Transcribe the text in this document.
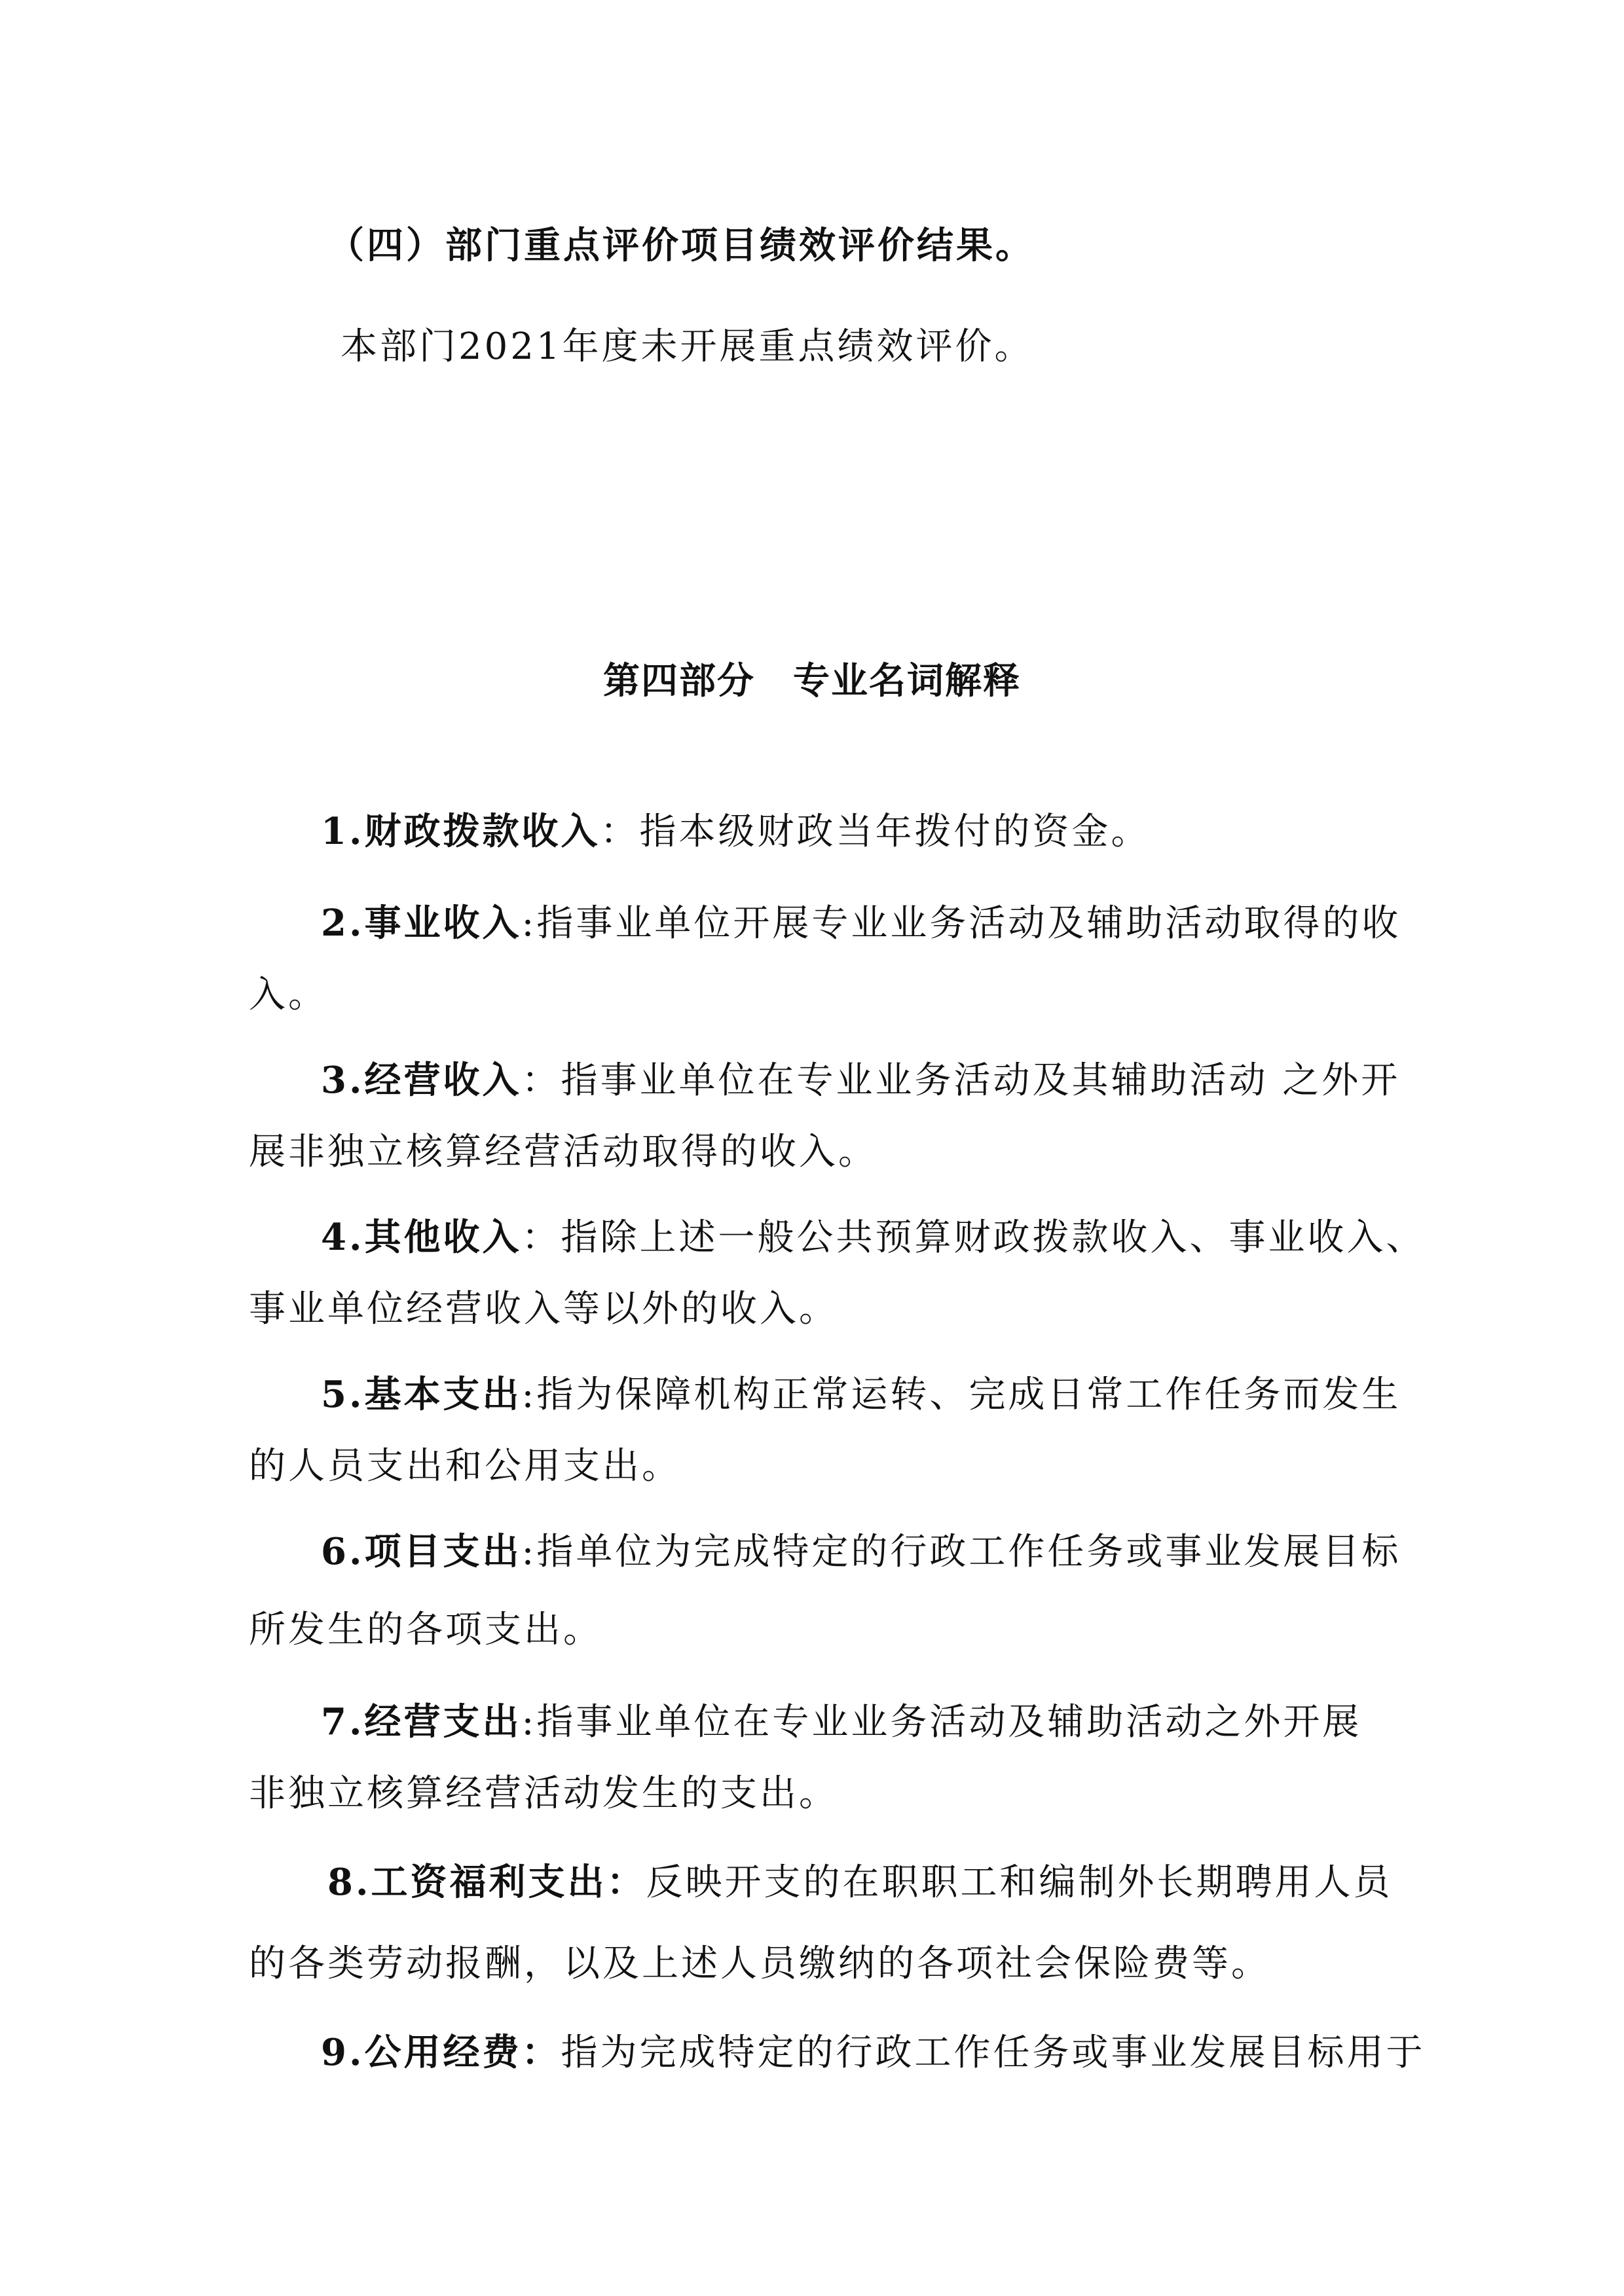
（四）部门重点评价项目绩效评价结果。
本部门2021年度未开展重点绩效评价。
第四部分　专业名词解释
1.财政拨款收入：指本级财政当年拨付的资金。
2.事业收入:指事业单位开展专业业务活动及辅助活动取得的收
入。
3.经营收入：指事业单位在专业业务活动及其辅助活动 之外开
展非独立核算经营活动取得的收入。
4.其他收入：指除上述一般公共预算财政拨款收入、事业收入、
事业单位经营收入等以外的收入。
5.基本支出:指为保障机构正常运转、完成日常工作任务而发生
的人员支出和公用支出。
6.项目支出:指单位为完成特定的行政工作任务或事业发展目标
所发生的各项支出。
7.经营支出:指事业单位在专业业务活动及辅助活动之外开展
非独立核算经营活动发生的支出。
8.工资福利支出：反映开支的在职职工和编制外长期聘用人员
的各类劳动报酬，以及上述人员缴纳的各项社会保险费等。
9.公用经费：指为完成特定的行政工作任务或事业发展目标用于
